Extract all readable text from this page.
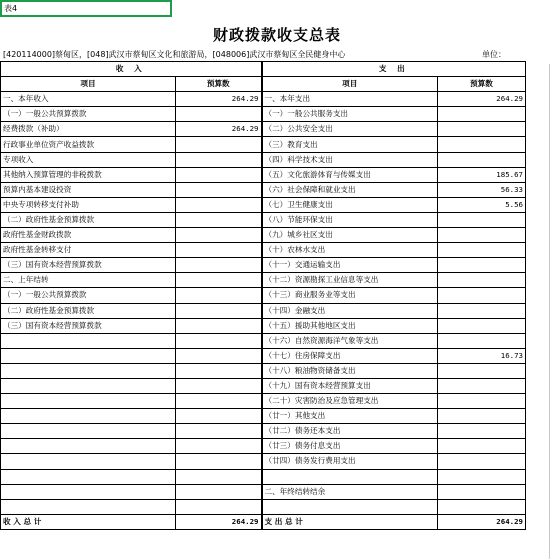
表4
财政拨款收支总表
[420114000]蔡甸区，[048]武汉市蔡甸区文化和旅游局，[048006]武汉市蔡甸区全民健身中心	单位：
收 入		支 出	
项目	预算数	项目	预算数
一、本年收入	264.29	一、本年支出	264.29
（一）一般公共预算拨款		（一）一般公共服务支出	
经费拨款（补助）	264.29	（二）公共安全支出	
行政事业单位资产收益拨款		（三）教育支出	
专项收入		（四）科学技术支出	
其他纳入预算管理的非税拨款		（五）文化旅游体育与传媒支出	185.67
预算内基本建设投资		（六）社会保障和就业支出	56.33
中央专项转移支付补助		（七）卫生健康支出	5.56
（二）政府性基金预算拨款		（八）节能环保支出	
政府性基金财政拨款		（九）城乡社区支出	
政府性基金转移支付		（十）农林水支出	
（三）国有资本经营预算拨款		（十一）交通运输支出	
二、上年结转		（十二）资源勘探工业信息等支出	
（一）一般公共预算拨款		（十三）商业服务业等支出	
（二）政府性基金预算拨款		（十四）金融支出	
（三）国有资本经营预算拨款		（十五）援助其他地区支出	
		（十六）自然资源海洋气象等支出	
		（十七）住房保障支出	16.73
		（十八）粮油物资储备支出	
		（十九）国有资本经营预算支出	
		（二十）灾害防治及应急管理支出	
		（廿一）其他支出	
		（廿二）债务还本支出	
		（廿三）债务付息支出	
		（廿四）债务发行费用支出	

		二、年终结转结余	

收 入 总 计	264.29	支 出 总 计	264.29
